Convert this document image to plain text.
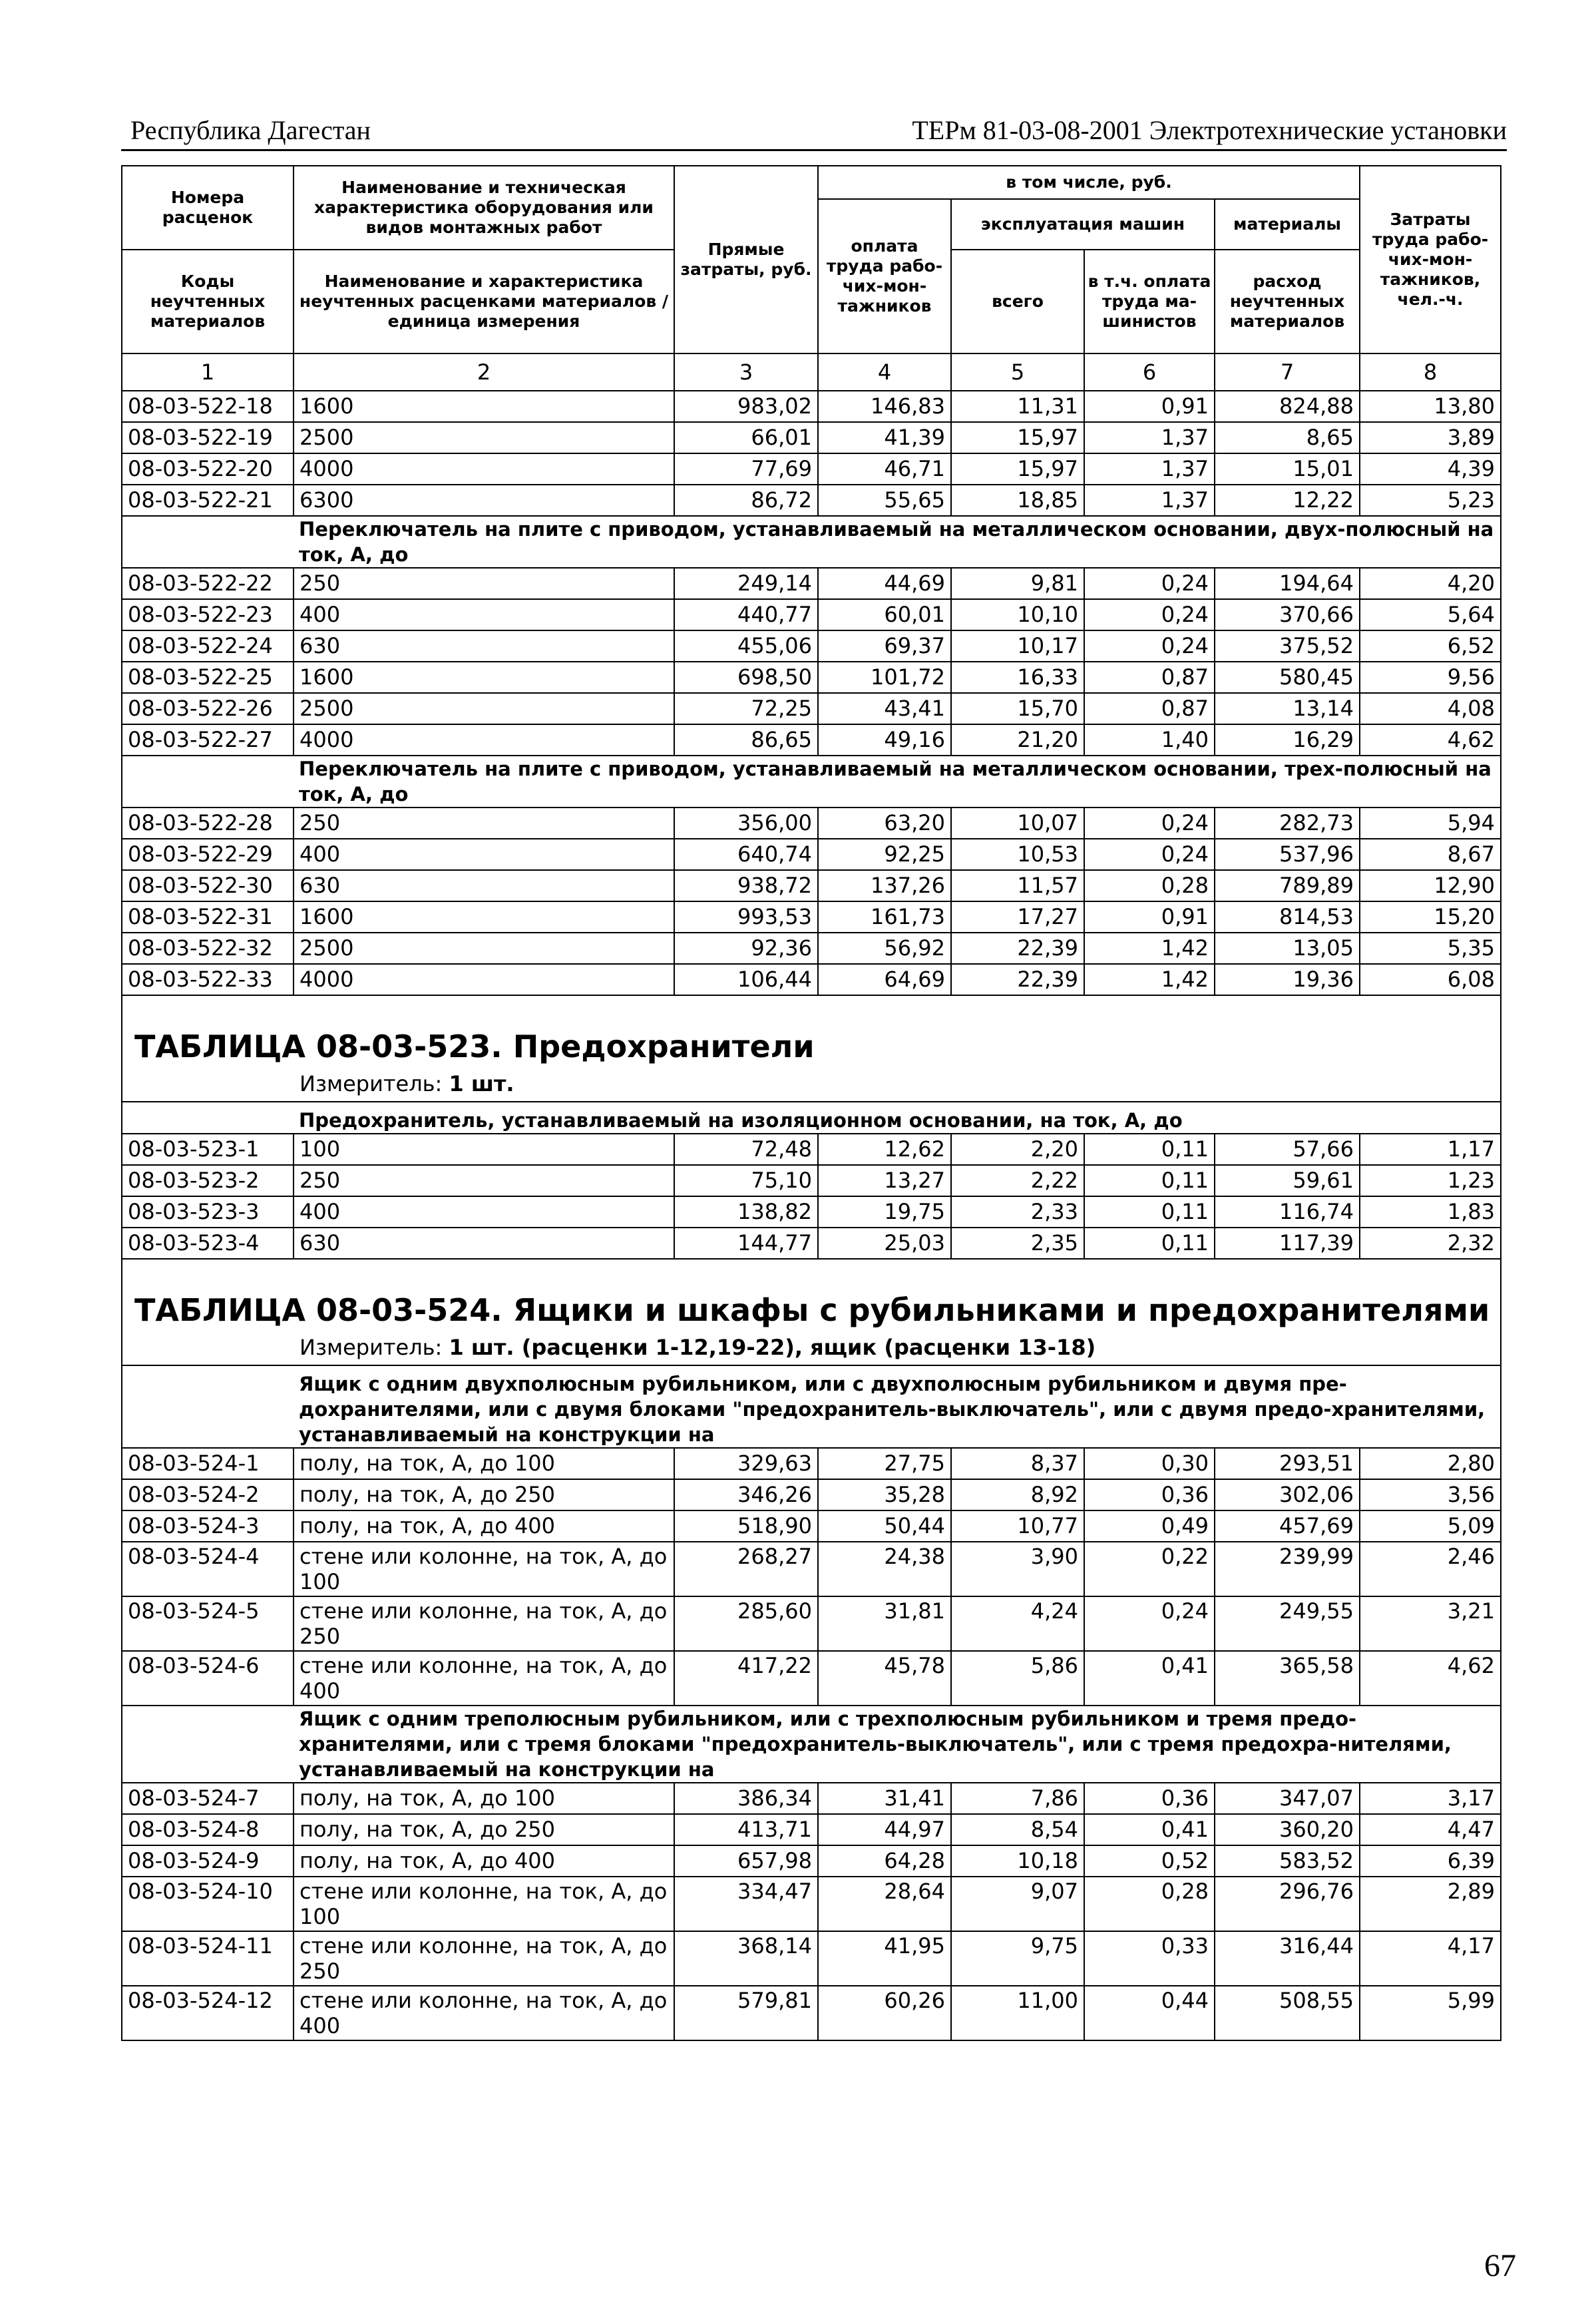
Республика Дагестан	ТЕРм 81-03-08-2001 Электротехнические установки
Номера расценок	Наименование и техническая характеристика оборудования или видов монтажных работ	Прямые затраты, руб.	в том числе, руб.				Затраты труда рабо-чих-мон-тажников, чел.-ч.
			оплата труда рабо-чих-мон-тажников	эксплуатация машин		материалы	
Коды неучтенных материалов	Наименование и характеристика неучтенных расценками материалов / единица измерения			всего	в т.ч. оплата труда ма-шинистов	расход неучтенных материалов	

1	2	3	4	5	6	7	8
08-03-522-18	1600	983,02	146,83	11,31	0,91	824,88	13,80
08-03-522-19	2500	66,01	41,39	15,97	1,37	8,65	3,89
08-03-522-20	4000	77,69	46,71	15,97	1,37	15,01	4,39
08-03-522-21	6300	86,72	55,65	18,85	1,37	12,22	5,23
	Переключатель на плите с приводом, устанавливаемый на металлическом основании, двух-полюсный на ток, А, до						
08-03-522-22	250	249,14	44,69	9,81	0,24	194,64	4,20
08-03-522-23	400	440,77	60,01	10,10	0,24	370,66	5,64
08-03-522-24	630	455,06	69,37	10,17	0,24	375,52	6,52
08-03-522-25	1600	698,50	101,72	16,33	0,87	580,45	9,56
08-03-522-26	2500	72,25	43,41	15,70	0,87	13,14	4,08
08-03-522-27	4000	86,65	49,16	21,20	1,40	16,29	4,62
	Переключатель на плите с приводом, устанавливаемый на металлическом основании, трех-полюсный на ток, А, до						
08-03-522-28	250	356,00	63,20	10,07	0,24	282,73	5,94
08-03-522-29	400	640,74	92,25	10,53	0,24	537,96	8,67
08-03-522-30	630	938,72	137,26	11,57	0,28	789,89	12,90
08-03-522-31	1600	993,53	161,73	17,27	0,91	814,53	15,20
08-03-522-32	2500	92,36	56,92	22,39	1,42	13,05	5,35
08-03-522-33	4000	106,44	64,69	22,39	1,42	19,36	6,08
ТАБЛИЦА 08-03-523. Предохранители							
Измеритель: 1 шт.							
	Предохранитель, устанавливаемый на изоляционном основании, на ток, А, до						
08-03-523-1	100	72,48	12,62	2,20	0,11	57,66	1,17
08-03-523-2	250	75,10	13,27	2,22	0,11	59,61	1,23
08-03-523-3	400	138,82	19,75	2,33	0,11	116,74	1,83
08-03-523-4	630	144,77	25,03	2,35	0,11	117,39	2,32
ТАБЛИЦА 08-03-524. Ящики и шкафы с рубильниками и предохранителями							
Измеритель: 1 шт. (расценки 1-12,19-22), ящик (расценки 13-18)							
	Ящик с одним двухполюсным рубильником, или с двухполюсным рубильником и двумя пре-дохранителями, или с двумя блоками "предохранитель-выключатель", или с двумя предо-хранителями, устанавливаемый на конструкции на						
08-03-524-1	полу, на ток, А, до 100	329,63	27,75	8,37	0,30	293,51	2,80
08-03-524-2	полу, на ток, А, до 250	346,26	35,28	8,92	0,36	302,06	3,56
08-03-524-3	полу, на ток, А, до 400	518,90	50,44	10,77	0,49	457,69	5,09
08-03-524-4	стене или колонне, на ток, А, до 100	268,27	24,38	3,90	0,22	239,99	2,46
08-03-524-5	стене или колонне, на ток, А, до 250	285,60	31,81	4,24	0,24	249,55	3,21
08-03-524-6	стене или колонне, на ток, А, до 400	417,22	45,78	5,86	0,41	365,58	4,62
	Ящик с одним треполюсным рубильником, или с трехполюсным рубильником и тремя предо-хранителями, или с тремя блоками "предохранитель-выключатель", или с тремя предохра-нителями, устанавливаемый на конструкции на						
08-03-524-7	полу, на ток, А, до 100	386,34	31,41	7,86	0,36	347,07	3,17
08-03-524-8	полу, на ток, А, до 250	413,71	44,97	8,54	0,41	360,20	4,47
08-03-524-9	полу, на ток, А, до 400	657,98	64,28	10,18	0,52	583,52	6,39
08-03-524-10	стене или колонне, на ток, А, до 100	334,47	28,64	9,07	0,28	296,76	2,89
08-03-524-11	стене или колонне, на ток, А, до 250	368,14	41,95	9,75	0,33	316,44	4,17
08-03-524-12	стене или колонне, на ток, А, до 400	579,81	60,26	11,00	0,44	508,55	5,99
67
